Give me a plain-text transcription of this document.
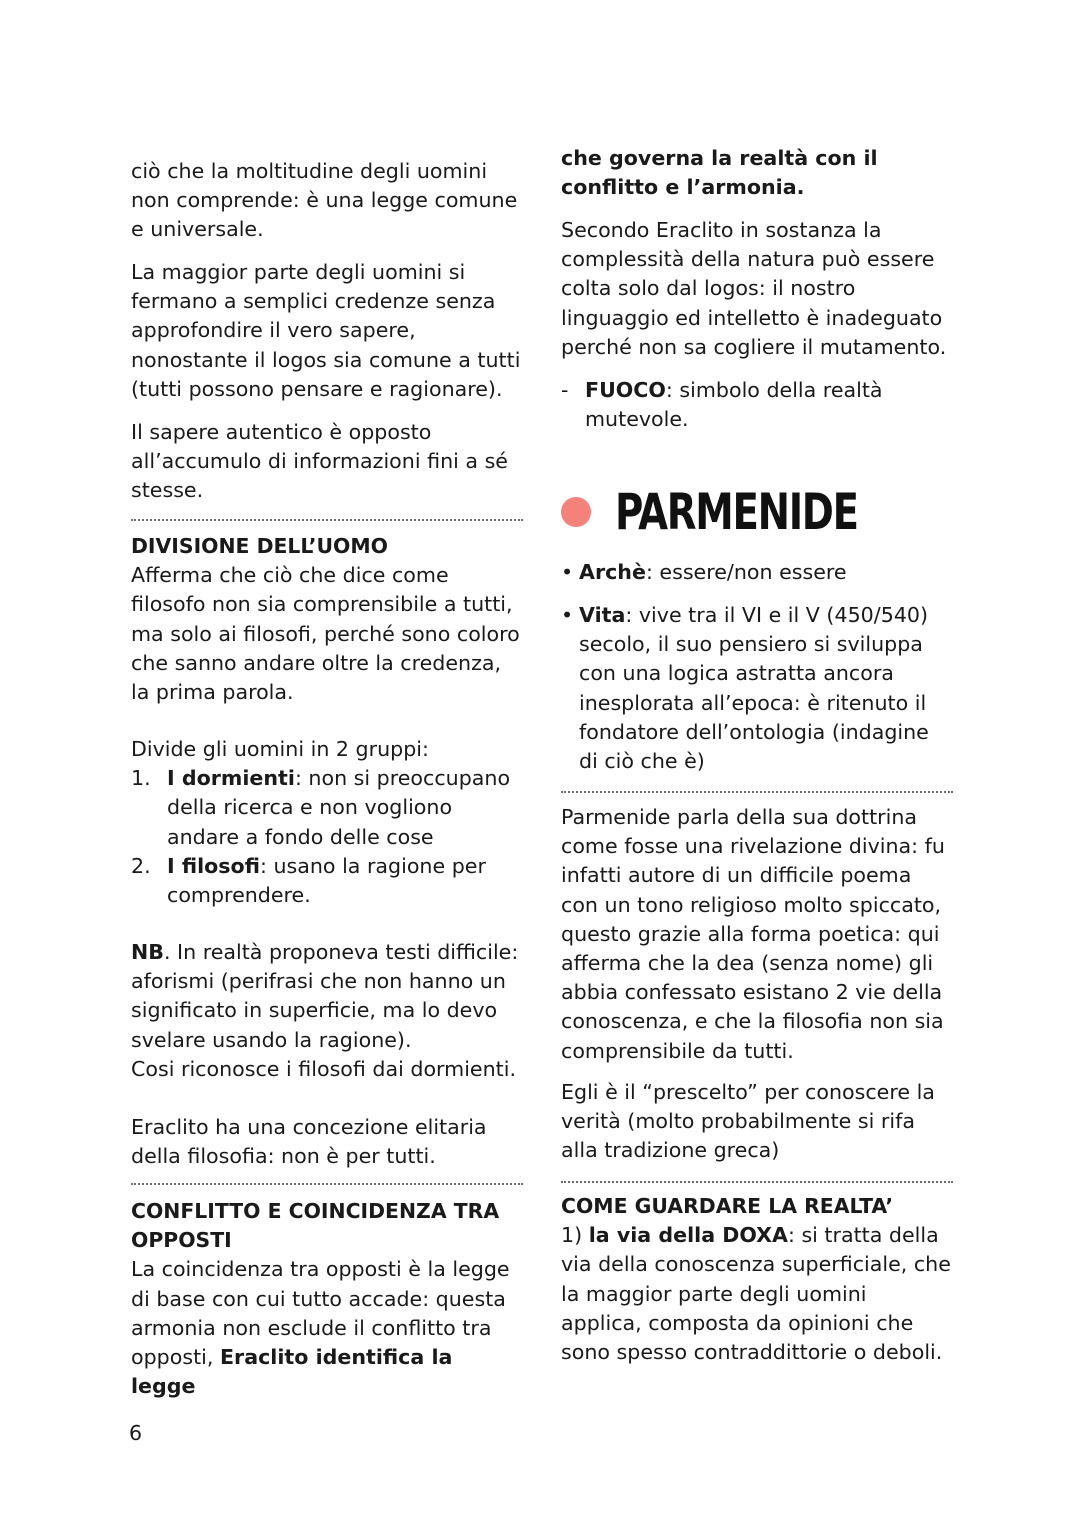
ciò che la moltitudine degli uomini non comprende: è una legge comune e universale.

La maggior parte degli uomini si fermano a semplici credenze senza approfondire il vero sapere, nonostante il logos sia comune a tutti (tutti possono pensare e ragionare).

Il sapere autentico è opposto all’accumulo di informazioni fini a sé stesse.

DIVISIONE DELL’UOMO

Afferma che ciò che dice come filosofo non sia comprensibile a tutti, ma solo ai filosofi, perché sono coloro che sanno andare oltre la credenza, la prima parola.

Divide gli uomini in 2 gruppi:

1. I dormienti: non si preoccupano della ricerca e non vogliono andare a fondo delle cose
2. I filosofi: usano la ragione per comprendere.

NB. In realtà proponeva testi difficile: aforismi (perifrasi che non hanno un significato in superficie, ma lo devo svelare usando la ragione).

Cosi riconosce i filosofi dai dormienti.

Eraclito ha una concezione elitaria della filosofia: non è per tutti.

CONFLITTO E COINCIDENZA TRA OPPOSTI

La coincidenza tra opposti è la legge di base con cui tutto accade: questa armonia non esclude il conflitto tra opposti, Eraclito identifica la legge

che governa la realtà con il conflitto e l’armonia.

Secondo Eraclito in sostanza la complessità della natura può essere colta solo dal logos: il nostro linguaggio ed intelletto è inadeguato perché non sa cogliere il mutamento.

- FUOCO: simbolo della realtà mutevole.
PARMENIDE
• Archè: essere/non essere
• Vita: vive tra il VI e il V (450/540) secolo, il suo pensiero si sviluppa con una logica astratta ancora inesplorata all’epoca: è ritenuto il fondatore dell’ontologia (indagine di ciò che è)

Parmenide parla della sua dottrina come fosse una rivelazione divina: fu infatti autore di un difficile poema con un tono religioso molto spiccato, questo grazie alla forma poetica: qui afferma che la dea (senza nome) gli abbia confessato esistano 2 vie della conoscenza, e che la filosofia non sia comprensibile da tutti.

Egli è il “prescelto” per conoscere la verità (molto probabilmente si rifa alla tradizione greca)

COME GUARDARE LA REALTA’

1) la via della DOXA: si tratta della via della conoscenza superficiale, che la maggior parte degli uomini applica, composta da opinioni che sono spesso contraddittorie o deboli.

6
